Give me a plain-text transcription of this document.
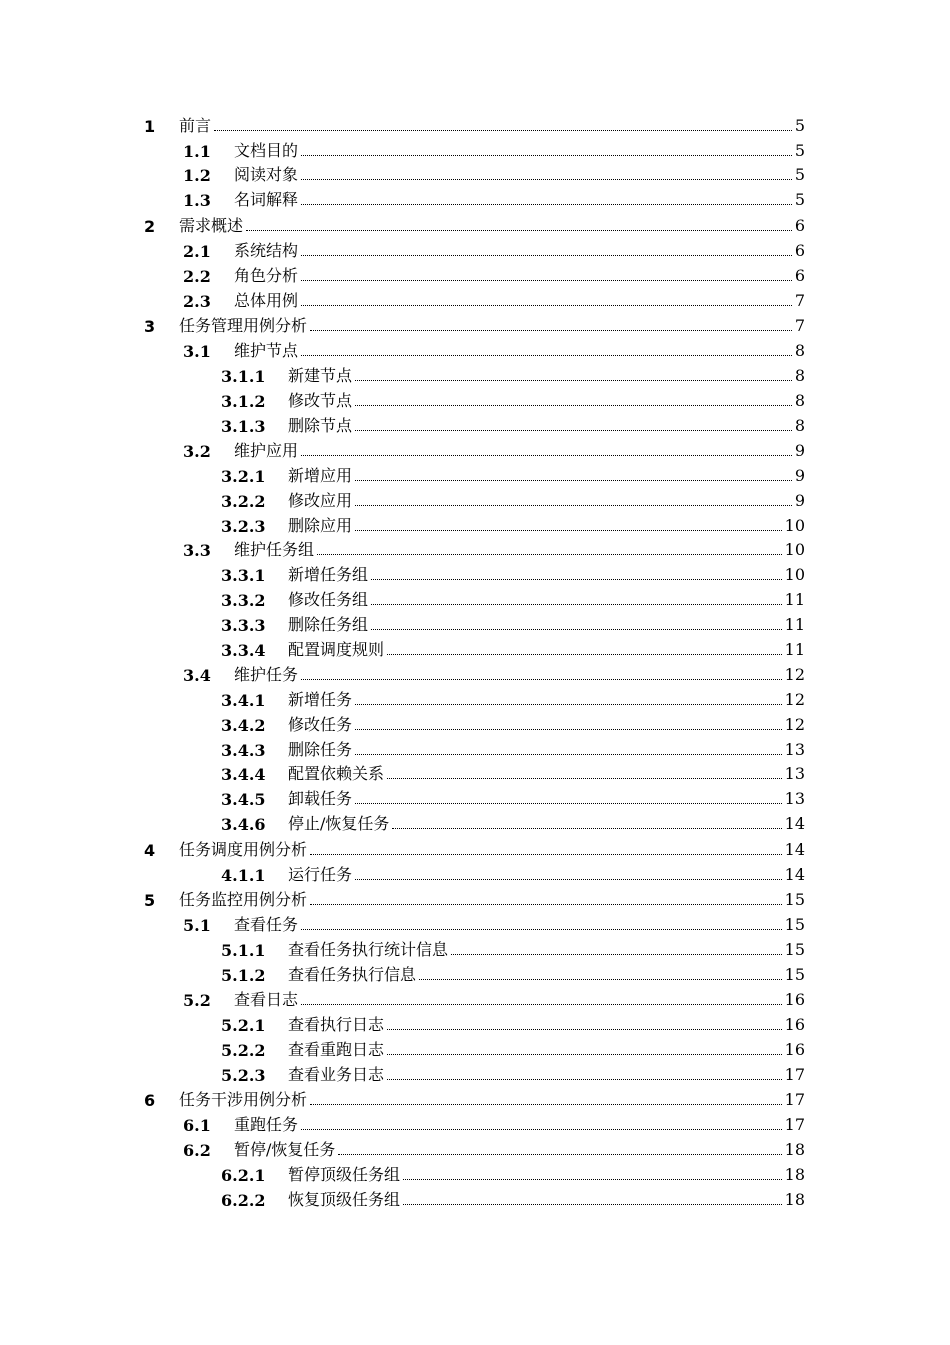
1 前言	5
1.1 文档目的	5
1.2 阅读对象	5
1.3 名词解释	5
2 需求概述	6
2.1 系统结构	6
2.2 角色分析	6
2.3 总体用例	7
3 任务管理用例分析	7
3.1 维护节点	8
3.1.1 新建节点	8
3.1.2 修改节点	8
3.1.3 删除节点	8
3.2 维护应用	9
3.2.1 新增应用	9
3.2.2 修改应用	9
3.2.3 删除应用	10
3.3 维护任务组	10
3.3.1 新增任务组	10
3.3.2 修改任务组	11
3.3.3 删除任务组	11
3.3.4 配置调度规则	11
3.4 维护任务	12
3.4.1 新增任务	12
3.4.2 修改任务	12
3.4.3 删除任务	13
3.4.4 配置依赖关系	13
3.4.5 卸载任务	13
3.4.6 停止/恢复任务	14
4 任务调度用例分析	14
4.1.1 运行任务	14
5 任务监控用例分析	15
5.1 查看任务	15
5.1.1 查看任务执行统计信息	15
5.1.2 查看任务执行信息	15
5.2 查看日志	16
5.2.1 查看执行日志	16
5.2.2 查看重跑日志	16
5.2.3 查看业务日志	17
6 任务干涉用例分析	17
6.1 重跑任务	17
6.2 暂停/恢复任务	18
6.2.1 暂停顶级任务组	18
6.2.2 恢复顶级任务组	18
